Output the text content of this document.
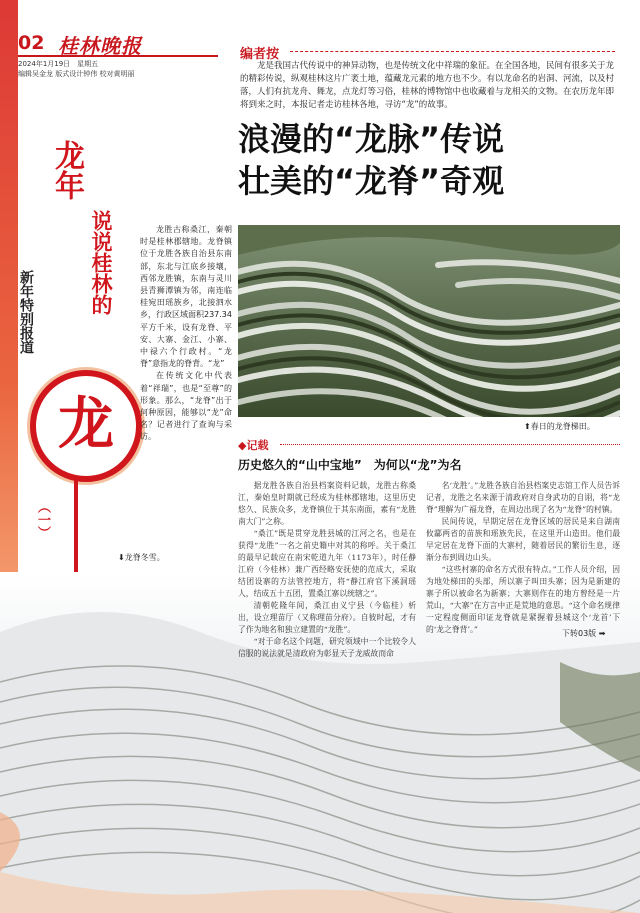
02 桂林晚报
2024年1月19日　星期五
编辑吴金龙 版式设计钟伟 校对黄明丽
龙年
说说桂林的
新年特别报道
龙
（一）
编者按
龙是我国古代传说中的神异动物，也是传统文化中祥瑞的象征。在全国各地，民间有很多关于龙的精彩传说，纵观桂林这片广袤土地，蕴藏龙元素的地方也不少。有以龙命名的岩洞、河流，以及村落，人们有抗龙舟、舞龙，点龙灯等习俗，桂林的博物馆中也收藏着与龙相关的文物。在农历龙年即将到来之时，本报记者走访桂林各地，寻访“龙”的故事。
浪漫的“龙脉”传说
壮美的“龙脊”奇观

龙胜古称桑江，秦朝时是桂林郡辖地。龙脊镇位于龙胜各族自治县东南部，东北与江底乡接壤，西邻龙胜镇，东南与灵川县青狮潭镇为邻，南连临桂宛田瑶族乡，北接泗水乡，行政区域面积237.34平方千米，设有龙脊、平安、大寨、金江、小寨、中禄六个行政村。“龙脊”意指龙的脊背。“龙”

在传统文化中代表着“祥瑞”，也是“至尊”的形象。那么，“龙脊”出于何种原因，能够以“龙”命名？记者进行了查询与采访。

⬆春日的龙脊梯田。
◆记载
历史悠久的“山中宝地”　为何以“龙”为名
⬇龙脊冬雪。

据龙胜各族自治县档案资料记载，龙胜古称桑江，秦始皇时期就已经成为桂林郡辖地，这里历史悠久、民族众多，龙脊镇位于其东南面，素有“龙胜南大门”之称。

“桑江”既是贯穿龙胜县城的江河之名，也是在获得“龙胜”一名之前史籍中对其的称呼。关于桑江的最早记载应在南宋乾道九年（1173年），时任静江府（今桂林）兼广西经略安抚使的范成大，采取结团设寨的方法管控地方，将“静江府官下溪洞瑶人，结成五十五团，置桑江寨以统辖之”。

清朝乾隆年间，桑江由义宁县（今临桂）析出，设立理苗厅（又称理苗分府）。自彼时起，才有了作为地名和独立建置的“龙胜”。

“对于命名这个问题，研究领域中一个比较令人信服的说法就是清政府为彰显天子龙威故而命

名‘龙胜’。”龙胜各族自治县档案史志馆工作人员告诉记者，龙胜之名来源于清政府对自身武功的自诩，将“龙脊”理解为广福龙脊，在周边出现了名为“龙脊”的村镇。

民间传说，早期定居在龙脊区域的居民是来自湖南攸酃两省的苗族和瑶族先民，在这里开山造田。他们最早定居在龙脊下面的大寨村，随着居民的繁衍生息，逐渐分布到周边山头。

“这些村寨的命名方式很有特点。”工作人员介绍，因为地处梯田的头部，所以寨子叫田头寨；因为是新建的寨子所以被命名为新寨；大寨则作在的地方曾经是一片荒山，“大寨”在方言中正是荒地的意思。“这个命名规律一定程度侧面印证龙脊就是紧握着县城这个‘龙首’下的‘龙之脊背’。”	下转03版 ➡
